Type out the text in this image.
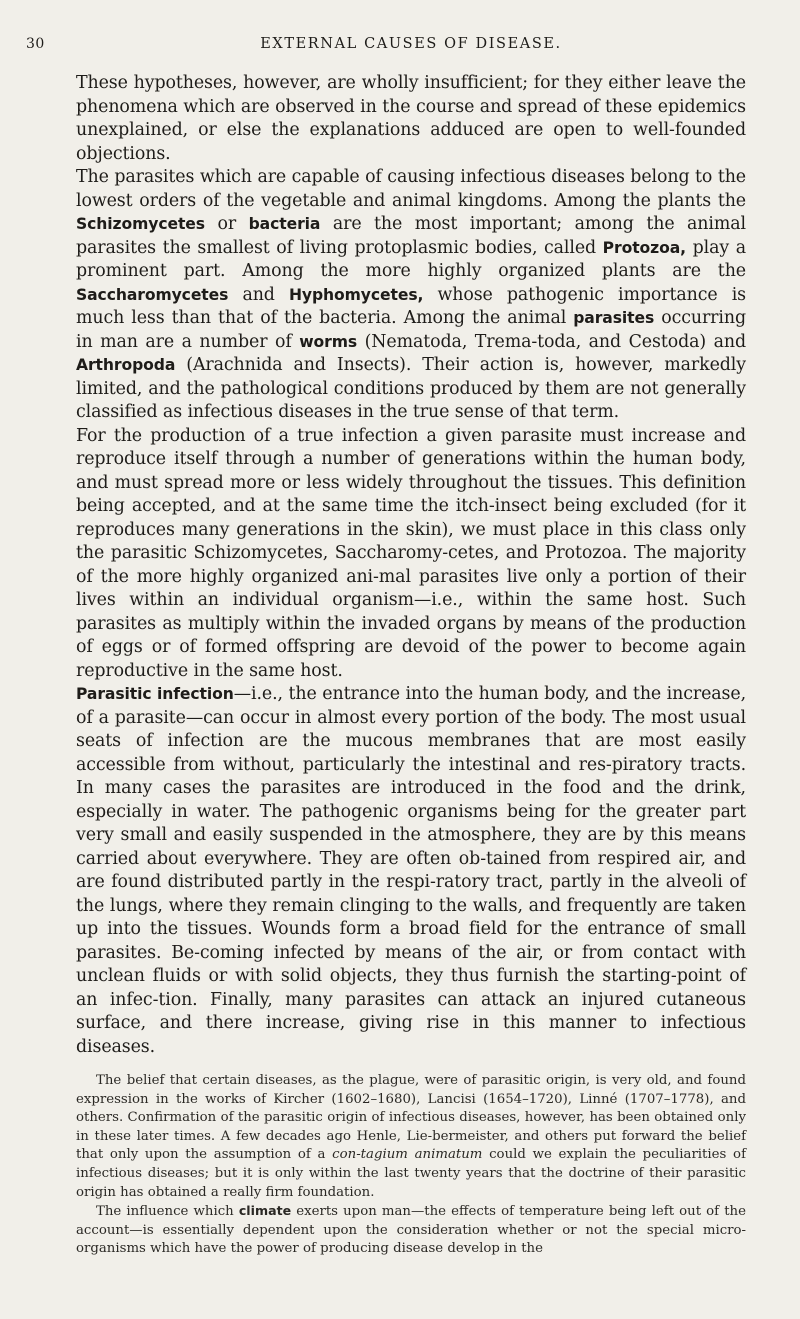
30	EXTERNAL CAUSES OF DISEASE.

These hypotheses, however, are wholly insufficient; for they either leave the phenomena which are observed in the course and spread of these epidemics unexplained, or else the explanations adduced are open to well-founded objections.

The parasites which are capable of causing infectious diseases belong to the lowest orders of the vegetable and animal kingdoms. Among the plants the Schizomycetes or bacteria are the most important; among the animal parasites the smallest of living protoplasmic bodies, called Protozoa, play a prominent part. Among the more highly organized plants are the Saccharomycetes and Hyphomycetes, whose pathogenic importance is much less than that of the bacteria. Among the animal parasites occurring in man are a number of worms (Nematoda, Trema-toda, and Cestoda) and Arthropoda (Arachnida and Insects). Their action is, however, markedly limited, and the pathological conditions produced by them are not generally classified as infectious diseases in the true sense of that term.

For the production of a true infection a given parasite must increase and reproduce itself through a number of generations within the human body, and must spread more or less widely throughout the tissues. This definition being accepted, and at the same time the itch-insect being excluded (for it reproduces many generations in the skin), we must place in this class only the parasitic Schizomycetes, Saccharomy-cetes, and Protozoa. The majority of the more highly organized ani-mal parasites live only a portion of their lives within an individual organism—i.e., within the same host. Such parasites as multiply within the invaded organs by means of the production of eggs or of formed offspring are devoid of the power to become again reproductive in the same host.

Parasitic infection—i.e., the entrance into the human body, and the increase, of a parasite—can occur in almost every portion of the body. The most usual seats of infection are the mucous membranes that are most easily accessible from without, particularly the intestinal and res-piratory tracts. In many cases the parasites are introduced in the food and the drink, especially in water. The pathogenic organisms being for the greater part very small and easily suspended in the atmosphere, they are by this means carried about everywhere. They are often ob-tained from respired air, and are found distributed partly in the respi-ratory tract, partly in the alveoli of the lungs, where they remain clinging to the walls, and frequently are taken up into the tissues. Wounds form a broad field for the entrance of small parasites. Be-coming infected by means of the air, or from contact with unclean fluids or with solid objects, they thus furnish the starting-point of an infec-tion. Finally, many parasites can attack an injured cutaneous surface, and there increase, giving rise in this manner to infectious diseases.

The belief that certain diseases, as the plague, were of parasitic origin, is very old, and found expression in the works of Kircher (1602–1680), Lancisi (1654–1720), Linné (1707–1778), and others. Confirmation of the parasitic origin of infectious diseases, however, has been obtained only in these later times. A few decades ago Henle, Lie-bermeister, and others put forward the belief that only upon the assumption of a con-tagium animatum could we explain the peculiarities of infectious diseases; but it is only within the last twenty years that the doctrine of their parasitic origin has obtained a really firm foundation.

The influence which climate exerts upon man—the effects of temperature being left out of the account—is essentially dependent upon the consideration whether or not the special micro-organisms which have the power of producing disease develop in the
